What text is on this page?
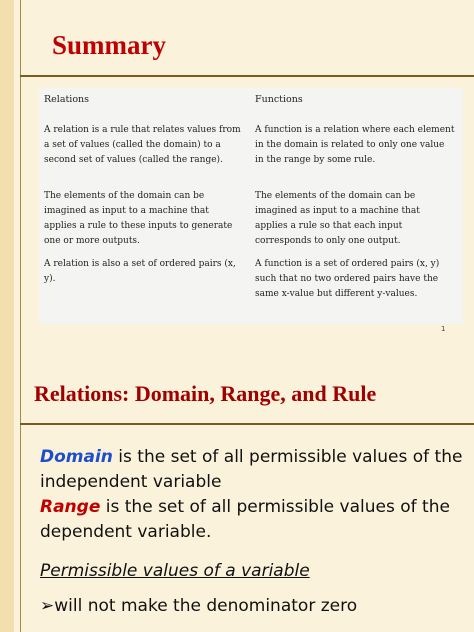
Summary
Relations
A relation is a rule that relates values from a set of values (called the domain) to a second set of values (called the range).
The elements of the domain can be imagined as input to a machine that applies a rule to these inputs to generate one or more outputs.
A relation is also a set of ordered pairs (x, y).
Functions
A function is a relation where each element in the domain is related to only one value in the range by some rule.
The elements of the domain can be imagined as input to a machine that applies a rule so that each input corresponds to only one output.
A function is a set of ordered pairs (x, y) such that no two ordered pairs have the same x-value but different y-values.
1
Relations: Domain, Range, and Rule
Domain is the set of all permissible values of the independent variable
Range is the set of all permissible values of the dependent variable.
Permissible values of a variable
➢will not make the denominator zero
